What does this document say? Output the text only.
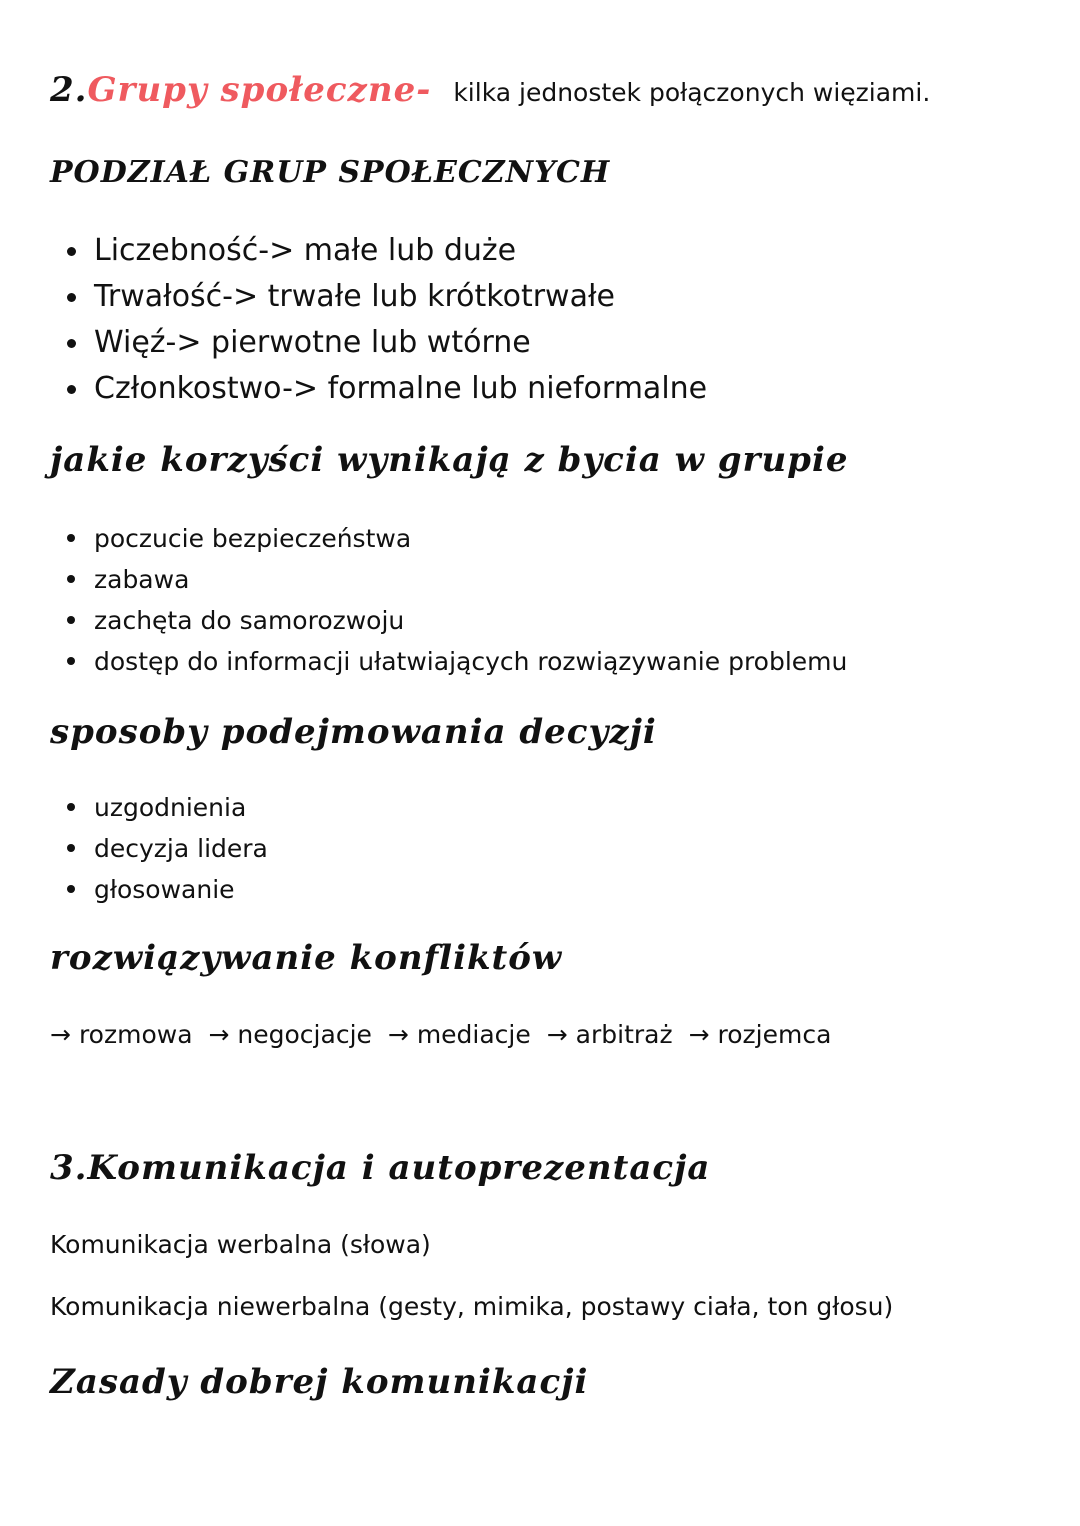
2.Grupy społeczne- kilka jednostek połączonych więziami.
PODZIAŁ GRUP SPOŁECZNYCH
Liczebność-> małe lub duże
Trwałość-> trwałe lub krótkotrwałe
Więź-> pierwotne lub wtórne
Członkostwo-> formalne lub nieformalne
jakie korzyści wynikają z bycia w grupie
poczucie bezpieczeństwa
zabawa
zachęta do samorozwoju
dostęp do informacji ułatwiających rozwiązywanie problemu
sposoby podejmowania decyzji
uzgodnienia
decyzja lidera
głosowanie
rozwiązywanie konfliktów
→ rozmowa → negocjacje → mediacje → arbitraż → rozjemca
3.Komunikacja i autoprezentacja
Komunikacja werbalna (słowa)
Komunikacja niewerbalna (gesty, mimika, postawy ciała, ton głosu)
Zasady dobrej komunikacji
